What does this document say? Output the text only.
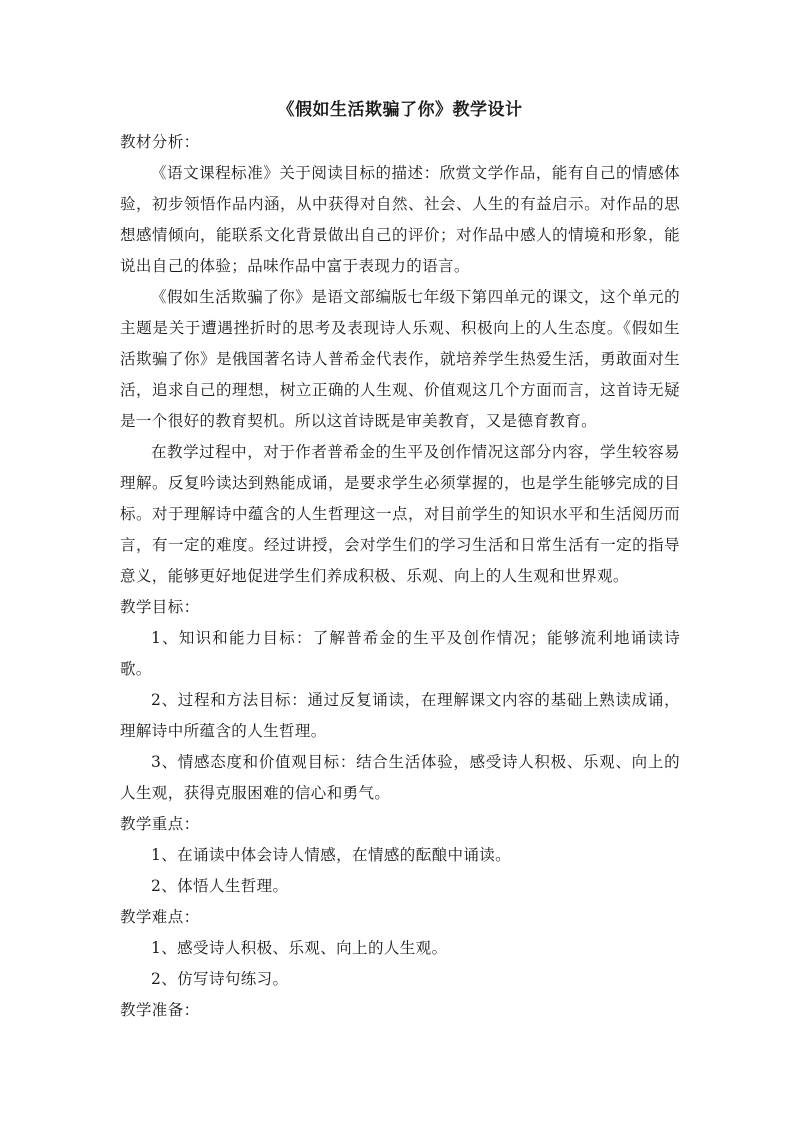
《假如生活欺骗了你》教学设计

教材分析：

《语文课程标准》关于阅读目标的描述：欣赏文学作品，能有自己的情感体验，初步领悟作品内涵，从中获得对自然、社会、人生的有益启示。对作品的思想感情倾向，能联系文化背景做出自己的评价；对作品中感人的情境和形象，能说出自己的体验；品味作品中富于表现力的语言。

《假如生活欺骗了你》是语文部编版七年级下第四单元的课文，这个单元的主题是关于遭遇挫折时的思考及表现诗人乐观、积极向上的人生态度。《假如生活欺骗了你》是俄国著名诗人普希金代表作，就培养学生热爱生活，勇敢面对生活，追求自己的理想，树立正确的人生观、价值观这几个方面而言，这首诗无疑是一个很好的教育契机。所以这首诗既是审美教育，又是德育教育。

在教学过程中，对于作者普希金的生平及创作情况这部分内容，学生较容易理解。反复吟读达到熟能成诵，是要求学生必须掌握的，也是学生能够完成的目标。对于理解诗中蕴含的人生哲理这一点，对目前学生的知识水平和生活阅历而言，有一定的难度。经过讲授，会对学生们的学习生活和日常生活有一定的指导意义，能够更好地促进学生们养成积极、乐观、向上的人生观和世界观。

教学目标：

1、知识和能力目标：了解普希金的生平及创作情况；能够流利地诵读诗歌。

2、过程和方法目标：通过反复诵读，在理解课文内容的基础上熟读成诵，理解诗中所蕴含的人生哲理。

3、情感态度和价值观目标：结合生活体验，感受诗人积极、乐观、向上的人生观，获得克服困难的信心和勇气。

教学重点：

1、在诵读中体会诗人情感，在情感的酝酿中诵读。

2、体悟人生哲理。

教学难点：

1、感受诗人积极、乐观、向上的人生观。

2、仿写诗句练习。

教学准备：
